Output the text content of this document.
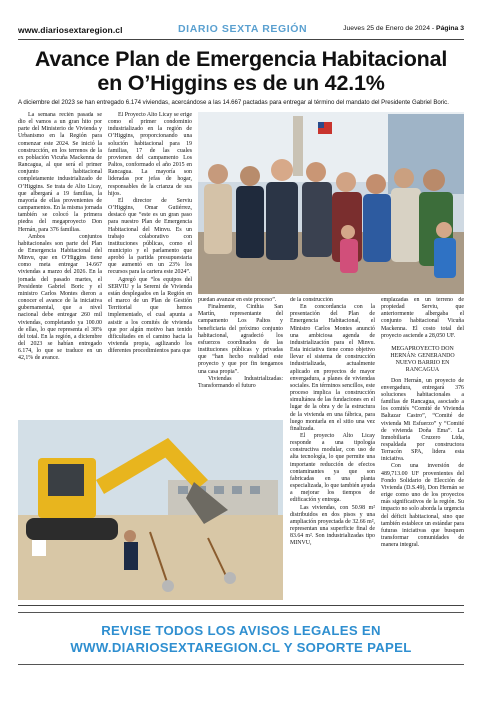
www.diariosextaregion.cl	DIARIO SEXTA REGIÓN	Jueves 25 de Enero de 2024 - Página 3
Avance Plan de Emergencia Habitacional
en O’Higgins es de un 42.1%
A diciembre del 2023 se han entregado 6.174 viviendas, acercándose a las 14.667 pactadas para entregar al término del mandato del Presidente Gabriel Boric.

La semana recién pasada se dio el vamos a un gran hito por parte del Ministerio de Vivienda y Urbanismo en la Región para comenzar este 2024. Se inició la construcción, en los terrenos de la ex población Vicuña Mackenna de Rancagua, al que será el primer conjunto habitacional completamente industrializado de O’Higgins. Se trata de Alto Licay, que albergará a 19 familias, la mayoría de ellas provenientes de campamentos. En la misma jornada también se colocó la primera piedra del megaproyecto Don Hernán, para 376 familias.

Ambos conjuntos habitacionales son parte del Plan de Emergencia Habitacional del Minvu, que en O’Higgins tiene como meta entregar 14.667 viviendas a marzo del 2026. En la jornada del pasado martes, el Presidente Gabriel Boric y el ministro Carlos Montes dieron a conocer el avance de la iniciativa gubernamental, que a nivel nacional debe entregar 260 mil viviendas, completando ya 100.00 de ellas, lo que representa el 38% del total. En la región, a diciembre del 2023 se habían entregado 6.174, lo que se traduce en un 42,1% de avance.

El Proyecto Alto Licay se erige como el primer condominio industrializado en la región de O’Higgins, proporcionando una solución habitacional para 19 familias, 17 de las cuales provienen del campamento Los Paltos, conformado el año 2015 en Rancagua. La mayoría son lideradas por jefas de hogar, responsables de la crianza de sus hijos.

El director de Serviu O’Higgins, Omar Gutiérrez, destacó que “este es un gran paso para nuestro Plan de Emergencia Habitacional del Minvu. Es un trabajo colaborativo con instituciones públicas, como el municipio y el parlamento que aprobó la partida presupuestaria que aumentó en un 23% los recursos para la cartera este 2024”.

Agregó que “los equipos del SERVIU y la Seremi de Vivienda están desplegados en la Región en el marco de un Plan de Gestión Territorial que hemos implementado, el cual apunta a asistir a los comités de vivienda que por algún motivo han tenido dificultades en el camino hacia la vivienda propia, agilizando los diferentes procedimientos para que

puedan avanzar en este proceso”.

Finalmente, Cinthia San Martín, representante del campamento Los Paltos y beneficiaria del próximo conjunto habitacional, agradeció los esfuerzos coordinados de las instituciones públicas y privadas que “han hecho realidad este proyecto y que por fin tengamos una casa propia”.

Viviendas Industrializadas: Transformando el futuro

de la construcción

En concordancia con la presentación del Plan de Emergencia Habitacional, el Ministro Carlos Montes anunció una ambiciosa agenda de industrialización para el Minvu. Esta iniciativa tiene como objetivo llevar el sistema de construcción industrializada, actualmente aplicado en proyectos de mayor envergadura, a planes de viviendas sociales. En términos sencillos, este proceso implica la construcción simultánea de las fundaciones en el lugar de la obra y de la estructura de la vivienda en una fábrica, para luego montarla en el sitio una vez finalizada.

El proyecto Alto Licay responde a una tipología constructiva modular, con uso de alta tecnología, lo que permite una importante reducción de efectos contaminantes ya que son fabricadas en una planta especializada, lo que también ayuda a mejorar los tiempos de edificación y entrega.

Las viviendas, con 50.98 m² distribuidos en dos pisos y una ampliación proyectada de 32.66 m², representan una superficie final de 83.64 m². Son industrializadas tipo MINVU,

emplazadas en un terreno de propiedad Serviu, que anteriormente albergaba el conjunto habitacional Vicuña Mackenna. El costo total del proyecto asciende a 28,050 UF.

MEGAPROYECTO DON
HERNÁN: GENERANDO
NUEVO BARRIO EN
RANCAGUA

Don Hernán, un proyecto de envergadura, entregará 376 soluciones habitacionales a familias de Rancagua, asociado a los comités “Comité de Vivienda Baltazar Castro”, “Comité de vivienda Mi Esfuerzo” y “Comité de vivienda Doña Ema”. La Inmobiliaria Cruzero Ltda, respaldada por constructora Terracón SPA, lidera esta iniciativa.

Con una inversión de 489,713.00 UF provenientes del Fondo Solidario de Elección de Vivienda (D.S.49), Don Hernán se erige como uno de los proyectos más significativos de la región. Su impacto no solo aborda la urgencia del déficit habitacional, sino que también establece un estándar para futuras iniciativas que busquen transformar comunidades de manera integral.

REVISE TODOS LOS AVISOS LEGALES EN
WWW.DIARIOSEXTAREGION.CL Y SOPORTE PAPEL
